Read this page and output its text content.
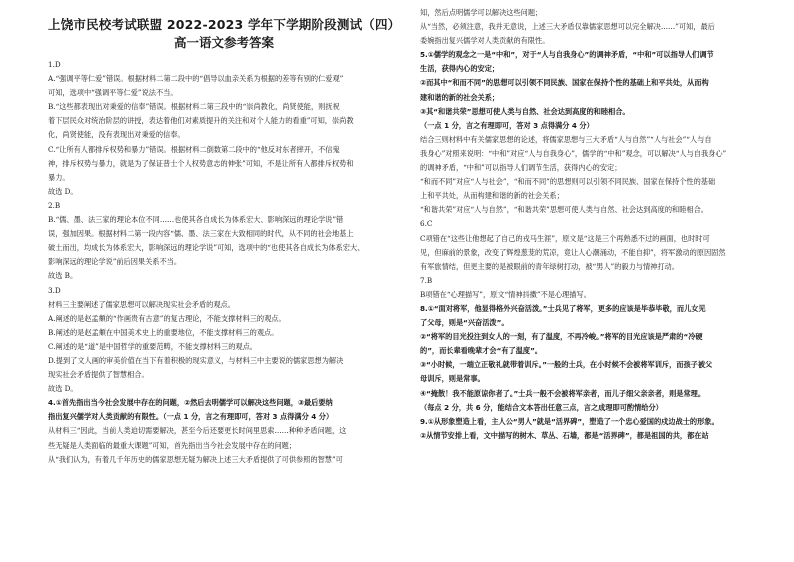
上饶市民校考试联盟 2022-2023 学年下学期阶段测试（四）
高一语文参考答案
1.D
A.“强调平等仁爱”错误。根据材料二第二段中的“倡导以血亲关系为根据的差等有别的仁爱观”
可知，选项中“强调平等仁爱”说法不当。
B.“这些都表现出对秉爱的信奉”错误。根据材料二第三段中的“崇尚教化，尚贤使能，则抚祝
着下层民众对统治阶层的讲授，表达着他们对素质提升的关注和对个人能力的看重”可知，崇尚教
化，尚贤使能，没有表现出对秉爱的信奉。
C.“让所有人都排斥权势和暴力”错误。根据材料二倒数第二段中的“他反对东者摔开，不信鬼
神，排斥权势与暴力，就是为了保证普士个人权势意志的伸张”可知，不是让所有人都排斥权势和
暴力。
故选 D。
2.B
B.“儒、墨、法三家的理论本位不同……也使其各自成长为体系宏大、影响深远的理论学说”错
误，强加因果。根据材料二第一段内容“儒、墨、法三家在大致相同的时代，从不同的社会地基上
破土而出，均成长为体系宏大，影响深远的理论学说”可知，选项中的“也使其各自成长为体系宏大、
影响深远的理论学说”前后因果关系不当。
故选 B。
3.D
材料三主要阐述了儒家思想可以解决现实社会矛盾的观点。
A.阐述的是赵孟頫的“作画贵有古意”的复古理论，不能支撑材料三的观点。
B.阐述的是赵孟頫在中国美术史上的重要地位，不能支撑材料三的观点。
C.阐述的是“道”是中国哲学的重要范畴，不能支撑材料三的观点。
D.提到了文人画的审美价值在当下有着积极的现实意义，与材料三中主要说的儒家思想为解决
现实社会矛盾提供了智慧相合。
故选 D。
4.①首先指出当今社会发展中存在的问题，②然后去明儒学可以解决这些问题，③最后要纳
指出复兴儒学对人类贡献的有限性。（一点 1 分，言之有理即可，答对 3 点得满分 4 分）
从材料三“因此，当前人类迫切需要解决，甚至今后还要更长时间里思索……种种矛盾问题，这
些无疑是人类面临的最重大课题”可知，首先指出当今社会发展中存在的问题；
从“我们认为，有着几千年历史的儒家思想无疑为解决上述三大矛盾提供了可供参照的智慧”可
知，然后点明儒学可以解决这些问题；
从“当然，必须注意，我并无意说，上述三大矛盾仅靠儒家思想可以完全解决……”可知，最后
委婉指出复兴儒学对人类贡献的有限性。
5.①儒学的观念之一是“中和”，对于“人与自我身心”的调神矛盾，“中和”可以指导人们调节
生活，获得内心的安定；
②而其中“和而不同”的思想可以引领不同民族、国家在保持个性的基础上和平共处，从而构
建和谐的新的社会关系；
③其“和谐共荣”思想可使人类与自然、社会达到高度的和睦相合。
（一点 1 分，言之有理即可，答对 3 点得满分 4 分）
结合三则材料中有关儒家思想的论述，将儒家思想与三大矛盾“人与自然”“人与社会”“人与自
我身心”对照来说明：“中和”对应“人与自我身心”，儒学的“中和”观念，可以解决“人与自我身心”
的调神矛盾，“中和”可以指导人们调节生活，获得内心的安定；
“和而不同”对应“人与社会”，“和而不同”的思想则可以引领不同民族、国家在保持个性的基础
上和平共处，从而构建和谐的新的社会关系；
“和谐共荣”对应“人与自然”，“和谐共荣”思想可使人类与自然、社会达到高度的和睦相合。
6.C
C项错在“这些让他想起了自己的戎马生涯”，原文是“这是三个再熟悉不过的画面，也时时可
见，但麻前的景象，改变了辉煌葱茏的荒凉，竟让人心潮涌动，不能自抑”，将军激动的原因固然
有军旅情结，但更主要的是被眼前的青年绿树打动，被“男人”的毅力与情神打动。
7.B
B项错在“心理描写”，原文“情神抖擞”不是心理描写。
8.①“面对将军，他显得格外兴奋活泼。”士兵见了将军，更多的应该是毕恭毕敬，而儿女见
了父母，则是“兴奋活泼”。
②“将军的目光投注到女人的一刻，有了温度，不再冷峻。”将军的目光应该是严肃的“冷硬
的”，而长辈看晚辈才会“有了温度”。
③“小时候，一端立正敬礼就带着训斥。”一般的士兵，在小时候不会被将军训斥，而孩子被父
母训斥，则是常事。
④“掩散！我不能原谅你者了。”士兵一般不会被将军亲者，而儿子细父亲亲者，则是常理。
（每点 2 分，共 6 分，能结合文本答出任意三点，言之成理即可酌情给分）
9.①从形象塑造上看，主人公“男人”就是“活界碑”，塑造了一个忠心爱国的戍边战士的形象。
②从情节安排上看，文中描写的树木、草丛、石墙，都是“活界碑”，都是祖国的共，都在站
